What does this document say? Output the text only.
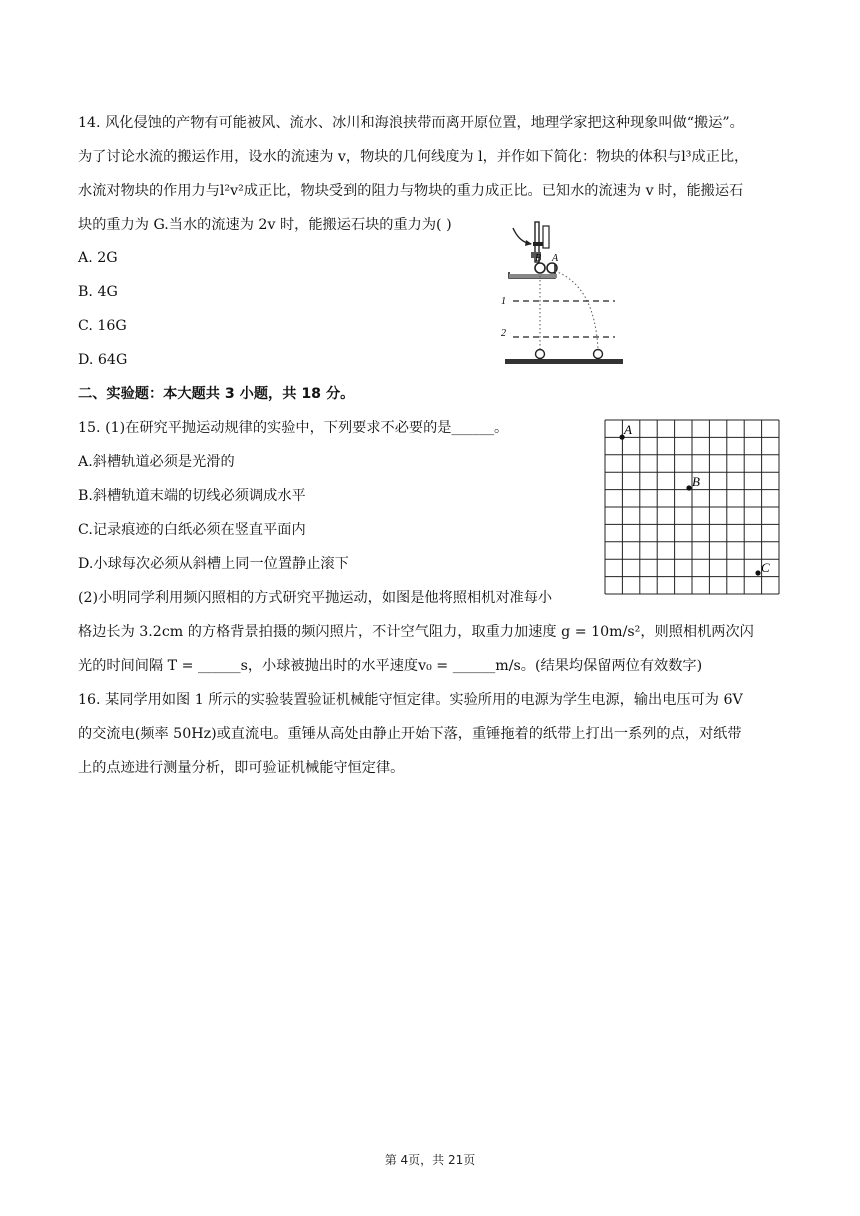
14. 风化侵蚀的产物有可能被风、流水、冰川和海浪挟带而离开原位置，地理学家把这种现象叫做“搬运”。
为了讨论水流的搬运作用，设水的流速为 v，物块的几何线度为 l，并作如下简化：物块的体积与l³成正比，
水流对物块的作用力与l²v²成正比，物块受到的阻力与物块的重力成正比。已知水的流速为 v 时，能搬运石
块的重力为 G.当水的流速为 2v 时，能搬运石块的重力为( )
A. 2G
B. 4G
C. 16G
D. 64G
B A
1
2
二、实验题：本大题共 3 小题，共 18 分。
15. (1)在研究平抛运动规律的实验中，下列要求不必要的是______。
A.斜槽轨道必须是光滑的
B.斜槽轨道末端的切线必须调成水平
C.记录痕迹的白纸必须在竖直平面内
D.小球每次必须从斜槽上同一位置静止滚下
(2)小明同学利用频闪照相的方式研究平抛运动，如图是他将照相机对准每小
格边长为 3.2cm 的方格背景拍摄的频闪照片，不计空气阻力，取重力加速度 g = 10m/s²，则照相机两次闪
光的时间间隔 T = ______s，小球被抛出时的水平速度v₀ = ______m/s。(结果均保留两位有效数字)
A
B
C
16. 某同学用如图 1 所示的实验装置验证机械能守恒定律。实验所用的电源为学生电源，输出电压可为 6V
的交流电(频率 50Hz)或直流电。重锤从高处由静止开始下落，重锤拖着的纸带上打出一系列的点，对纸带
上的点迹进行测量分析，即可验证机械能守恒定律。
第 4页，共 21页
